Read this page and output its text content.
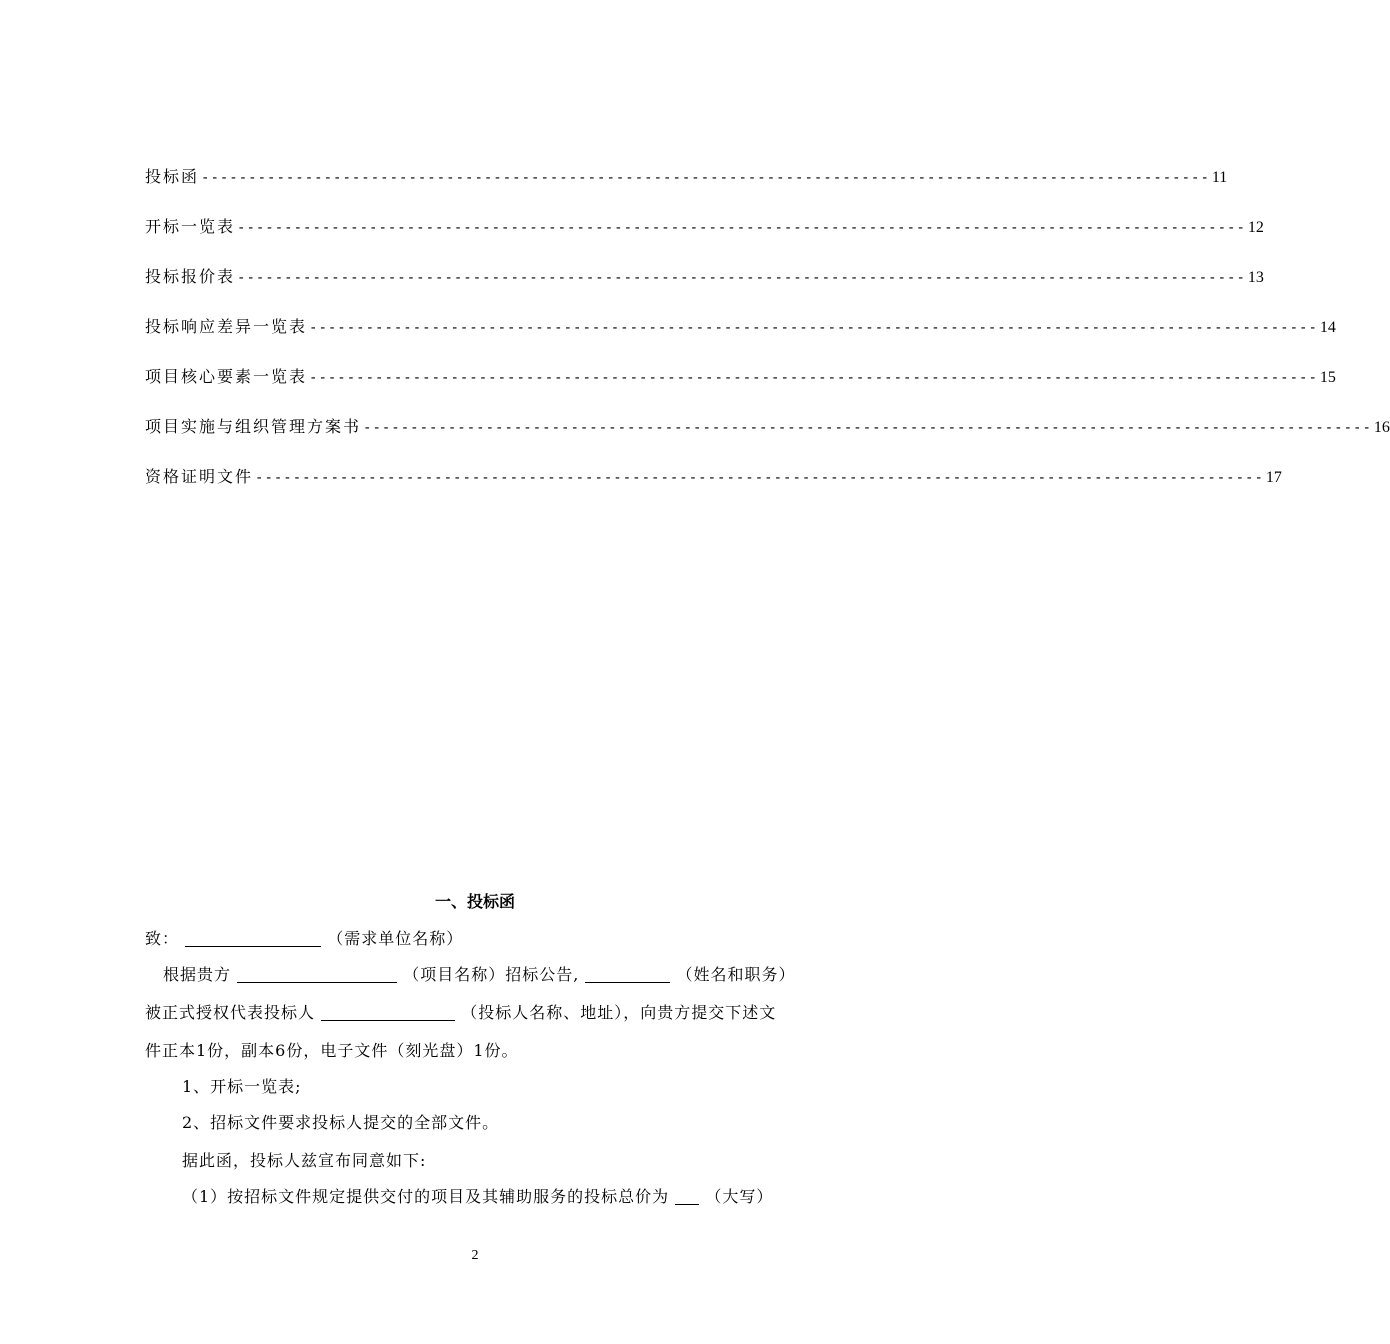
投标函 ----------------------------------------------------------------------------------------------------------- 11
开标一览表 ----------------------------------------------------------------------------------------------------------- 12
投标报价表 ----------------------------------------------------------------------------------------------------------- 13
投标响应差异一览表 ----------------------------------------------------------------------------------------------------------- 14
项目核心要素一览表 ----------------------------------------------------------------------------------------------------------- 15
项目实施与组织管理方案书 ----------------------------------------------------------------------------------------------------------- 16
资格证明文件 ----------------------------------------------------------------------------------------------------------- 17
一、投标函
致：	（需求单位名称）
根据贵方	（项目名称）招标公告,	（姓名和职务）
被正式授权代表投标人	（投标人名称、地址），向贵方提交下述文
件正本1份，副本6份，电子文件（刻光盘）1份。
1、开标一览表;
2、招标文件要求投标人提交的全部文件。
据此函，投标人兹宣布同意如下:
（1）按招标文件规定提供交付的项目及其辅助服务的投标总价为 （大写）
2
